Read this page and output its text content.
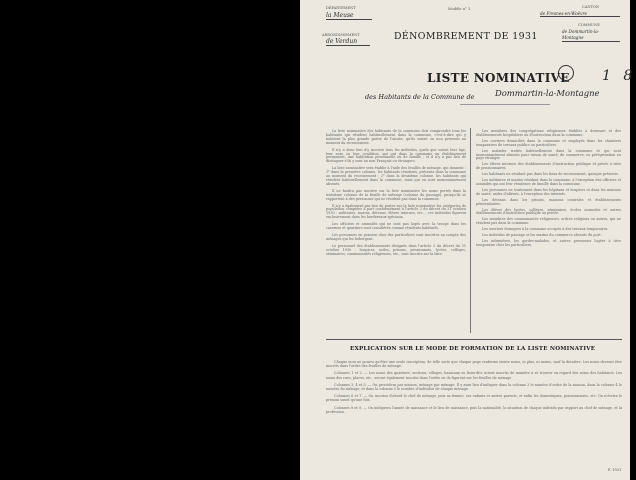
DÉPARTEMENT
la Meuse
ARRONDISSEMENT
de Verdun
Modèle n° 1.
DÉNOMBREMENT DE 1931
CANTON
de Fresnes-en-Woëvre
COMMUNE
de Dommartin-la-Montagne
1 8
LISTE NOMINATIVE
des Habitants de la Commune de Dommartin-la-Montagne
La liste nominative des habitants de la commune doit comprendre tous les habitants qui résident habituellement dans la commune, c'est-à-dire qui y habitent la plus grande partie de l'année, qu'ils soient ou non présents au moment du recensement.
Il n'y a donc lieu d'y inscrire tous les individus, quels que soient leur âge, leur sexe ou leur condition, qui ont dans la commune un établissement permanent, une habitation personnelle ou de famille ; et il n'y a pas lieu de distinguer s'ils y sont ou non Français ou étrangers.
La liste nominative sera établie à l'aide des feuilles de ménage, qui donnent : 1° dans la première colonne, les habitants résidents, présents dans la commune au moment du recensement ; 2° dans la deuxième colonne, les habitants qui résident habituellement dans la commune, mais qui en sont momentanément absents.
Il ne faudra pas inscrire sur la liste nominative les noms portés dans la troisième colonne de la feuille de ménage (colonne du passage), puisqu'ils se rapportent à des personnes qui ne résident pas dans la commune.
Il n'y a également pas lieu de porter sur la liste nominative les catégories de population comptées à part conformément à l'article 2 du décret du 31 octobre 1930 : militaires, marins, détenus, élèves internes, etc. ; ces individus figurent exclusivement dans les bordereaux spéciaux.
Les officiers et assimilés qui ne sont pas logés avec la troupe dans les casernes et quartiers sont considérés comme résidents habituels.
Les personnes en pension chez des particuliers sont inscrites au compte des ménages qui les hébergent.
Le personnel des établissements désignés dans l'article 3 du décret du 31 octobre 1930 : hospices, asiles, prisons, pensionnats, lycées, collèges, séminaires, communautés religieuses, etc., sont inscrits sur la liste.
Les membres des congrégations religieuses établies à demeure et des établissements hospitaliers ou d'instruction dans la commune.
Les ouvriers domiciliés dans la commune et employés dans les chantiers temporaires de travaux publics ou particuliers.
Les malades traités habituellement dans la commune et qui sont momentanément absents pour raison de santé, de commerce, ou pérégrination en pays étranger.
Les élèves internes des établissements d'instruction publique et privée à titre de pensionnaires.
Les habitants ne résidant pas dans les lieux de recensement, quoique présents.
Les militaires et marins résidant dans la commune, à l'exception des officiers et assimilés qui ont leur résidence de famille dans la commune.
Les personnes en traitement dans les hôpitaux et hospices et dans les maisons de santé, asiles d'aliénés, à l'exception des internés.
Les détenus dans les prisons, maisons centrales et établissements pénitentiaires.
Les élèves des lycées, collèges, séminaires, écoles normales et autres établissements d'instruction publique ou privée.
Les membres des communautés religieuses, ordres religieux ou autres, qui ne résident pas dans la commune.
Les ouvriers étrangers à la commune occupés à des travaux temporaires.
Les individus de passage et les marins du commerce absents du port.
Les infirmières, les gardes-malades, et autres personnes logées à titre temporaire chez les particuliers.
EXPLICATION SUR LE MODE DE FORMATION DE LA LISTE NOMINATIVE
Chaque nom ne pourra qu'être une seule inscription, de telle sorte que chaque page renferme trente noms, ni plus, ni moins, sauf la dernière. Les noms devront être inscrits dans l'ordre des feuilles de ménage.
Colonnes 1 et 2. — Les noms des quartiers, sections, villages, hameaux ou lieux-dits seront inscrits de manière à se trouver en regard des noms des habitants. Les noms des rues, places, etc., seront également inscrits dans l'ordre où ils figurent sur les feuilles de ménage.
Colonnes 3, 4 et 5. — On procédera par maison, ménage par ménage. Il y aura lieu d'indiquer dans la colonne 3 le numéro d'ordre de la maison, dans la colonne 4 le numéro du ménage, et dans la colonne 5 le nombre d'individus de chaque ménage.
Colonnes 6 et 7. — On inscrira d'abord le chef de ménage, puis sa femme, ses enfants et autres parents, et enfin les domestiques, pensionnaires, etc. On n'écrira le prénom usuel qu'une fois.
Colonnes 8 et 9. — On indiquera l'année de naissance et le lieu de naissance, puis la nationalité, la situation de chaque individu par rapport au chef de ménage, et la profession.
F. 1931
